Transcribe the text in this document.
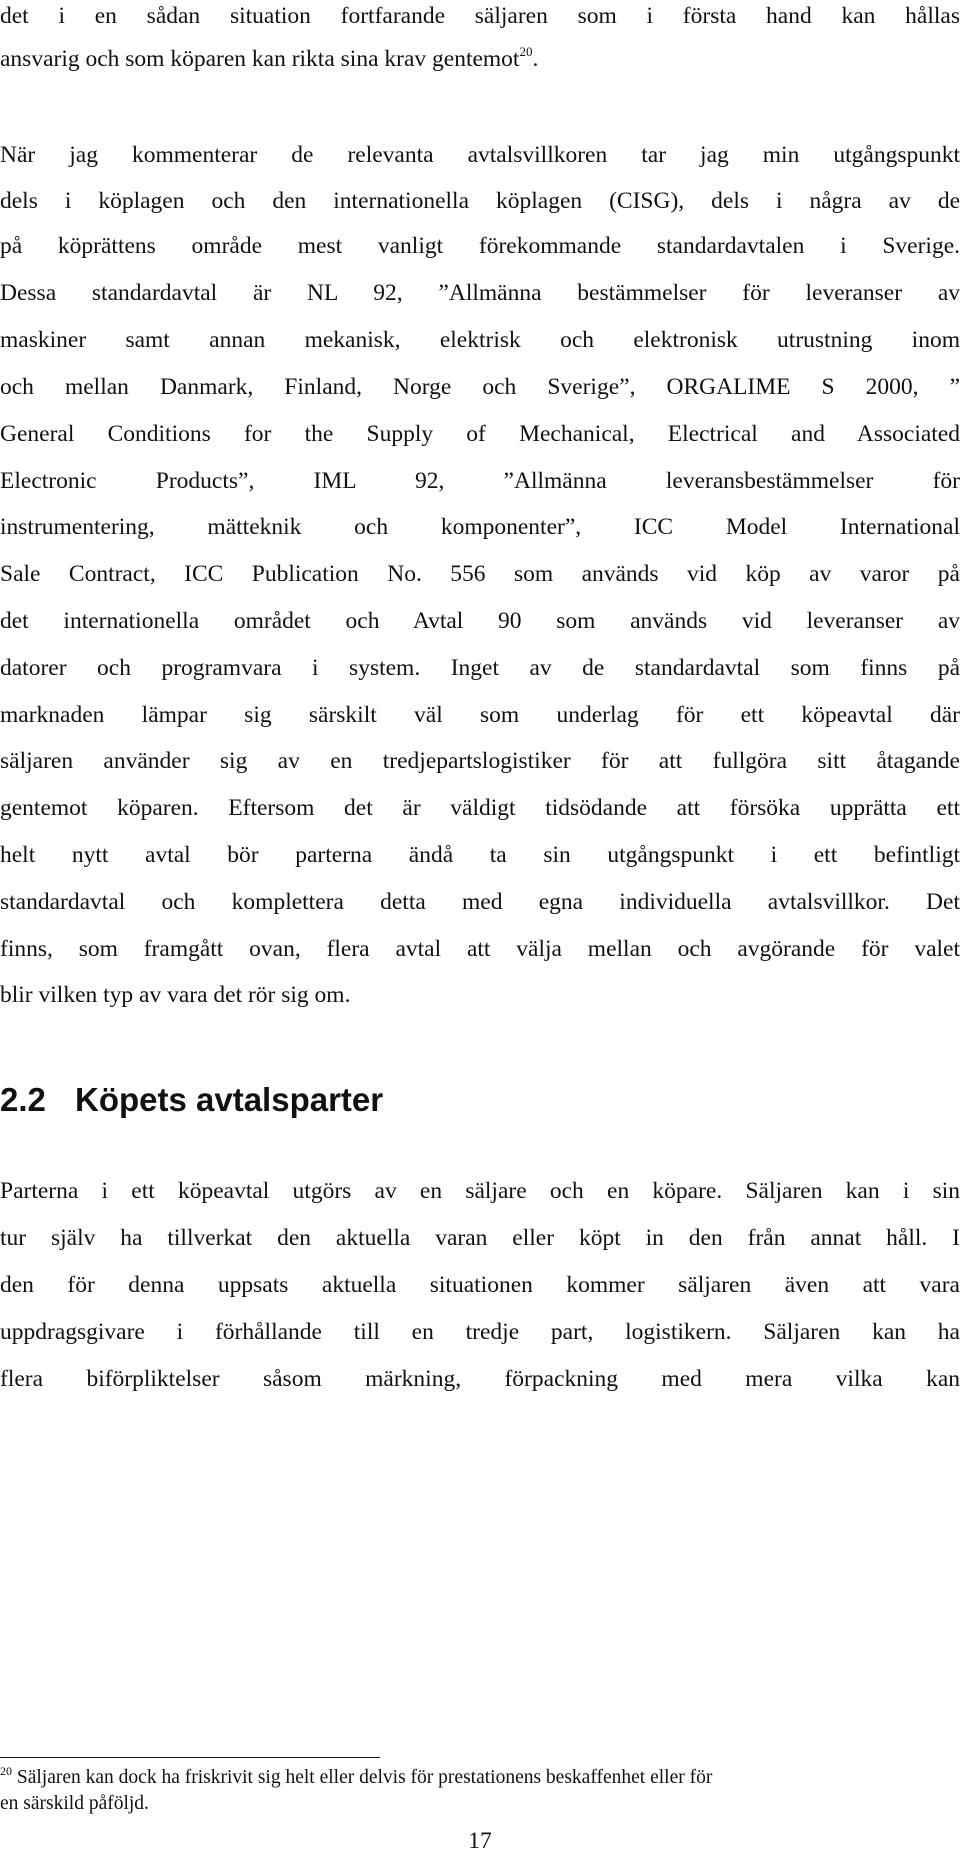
det i en sådan situation fortfarande säljaren som i första hand kan hållas

ansvarig och som köparen kan rikta sina krav gentemot$^{20}$.

När jag kommenterar de relevanta avtalsvillkoren tar jag min utgångspunkt

dels i köplagen och den internationella köplagen (CISG), dels i några av de

på köprättens område mest vanligt förekommande standardavtalen i Sverige.

Dessa standardavtal är NL 92, ”Allmänna bestämmelser för leveranser av

maskiner samt annan mekanisk, elektrisk och elektronisk utrustning inom

och mellan Danmark, Finland, Norge och Sverige”, ORGALIME S 2000, ”

General Conditions for the Supply of Mechanical, Electrical and Associated

Electronic Products”, IML 92, ”Allmänna leveransbestämmelser för

instrumentering, mätteknik och komponenter”, ICC Model International

Sale Contract, ICC Publication No. 556 som används vid köp av varor på

det internationella området och Avtal 90 som används vid leveranser av

datorer och programvara i system. Inget av de standardavtal som finns på

marknaden lämpar sig särskilt väl som underlag för ett köpeavtal där

säljaren använder sig av en tredjepartslogistiker för att fullgöra sitt åtagande

gentemot köparen. Eftersom det är väldigt tidsödande att försöka upprätta ett

helt nytt avtal bör parterna ändå ta sin utgångspunkt i ett befintligt

standardavtal och komplettera detta med egna individuella avtalsvillkor. Det

finns, som framgått ovan, flera avtal att välja mellan och avgörande för valet

blir vilken typ av vara det rör sig om.

2.2 Köpets avtalsparter

Parterna i ett köpeavtal utgörs av en säljare och en köpare. Säljaren kan i sin

tur själv ha tillverkat den aktuella varan eller köpt in den från annat håll. I

den för denna uppsats aktuella situationen kommer säljaren även att vara

uppdragsgivare i förhållande till en tredje part, logistikern. Säljaren kan ha

flera biförpliktelser såsom märkning, förpackning med mera vilka kan

$^{20}$ Säljaren kan dock ha friskrivit sig helt eller delvis för prestationens beskaffenhet eller för

en särskild påföljd.

17
